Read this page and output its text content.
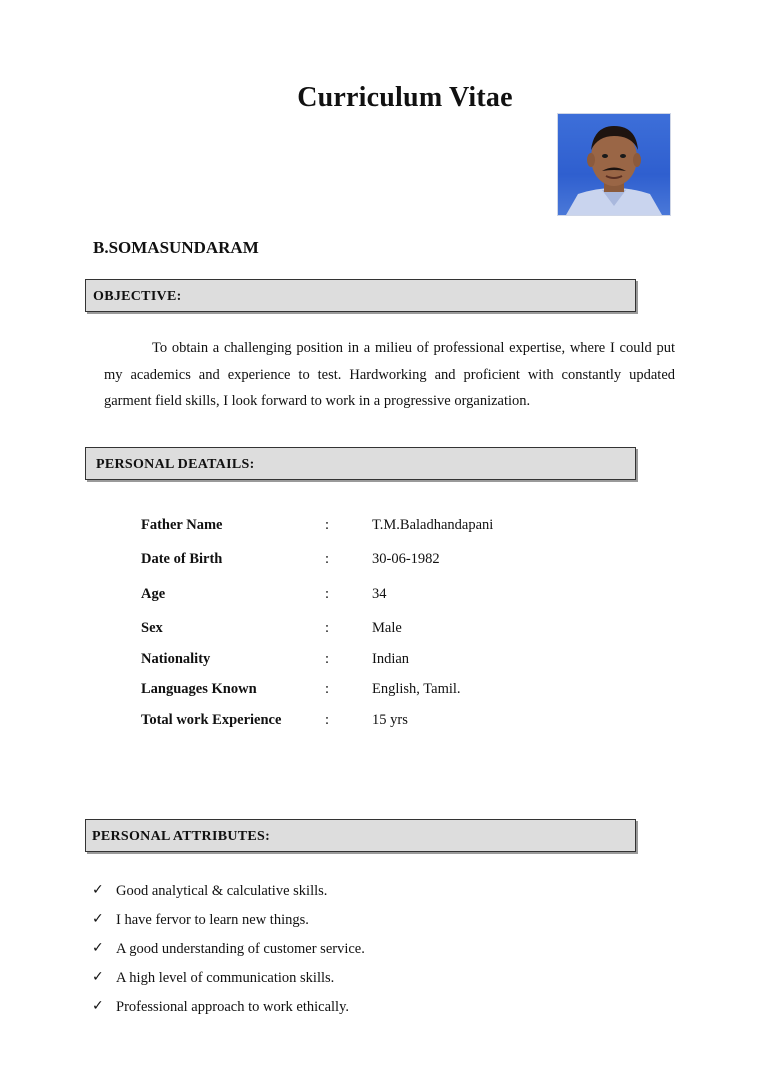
Curriculum Vitae
B.SOMASUNDARAM
OBJECTIVE:
To obtain a challenging position in a milieu of professional expertise, where I could put my academics and experience to test. Hardworking and proficient with constantly updated garment field skills, I look forward to work in a progressive organization.
PERSONAL DEATAILS:
Father Name	:	T.M.Baladhandapani
Date of Birth	:	30-06-1982
Age	:	34
Sex	:	Male
Nationality	:	Indian
Languages Known	:	English, Tamil.
Total work Experience	:	15 yrs
PERSONAL ATTRIBUTES:
✓ Good analytical & calculative skills.
✓ I have fervor to learn new things.
✓ A good understanding of customer service.
✓ A high level of communication skills.
✓ Professional approach to work ethically.
